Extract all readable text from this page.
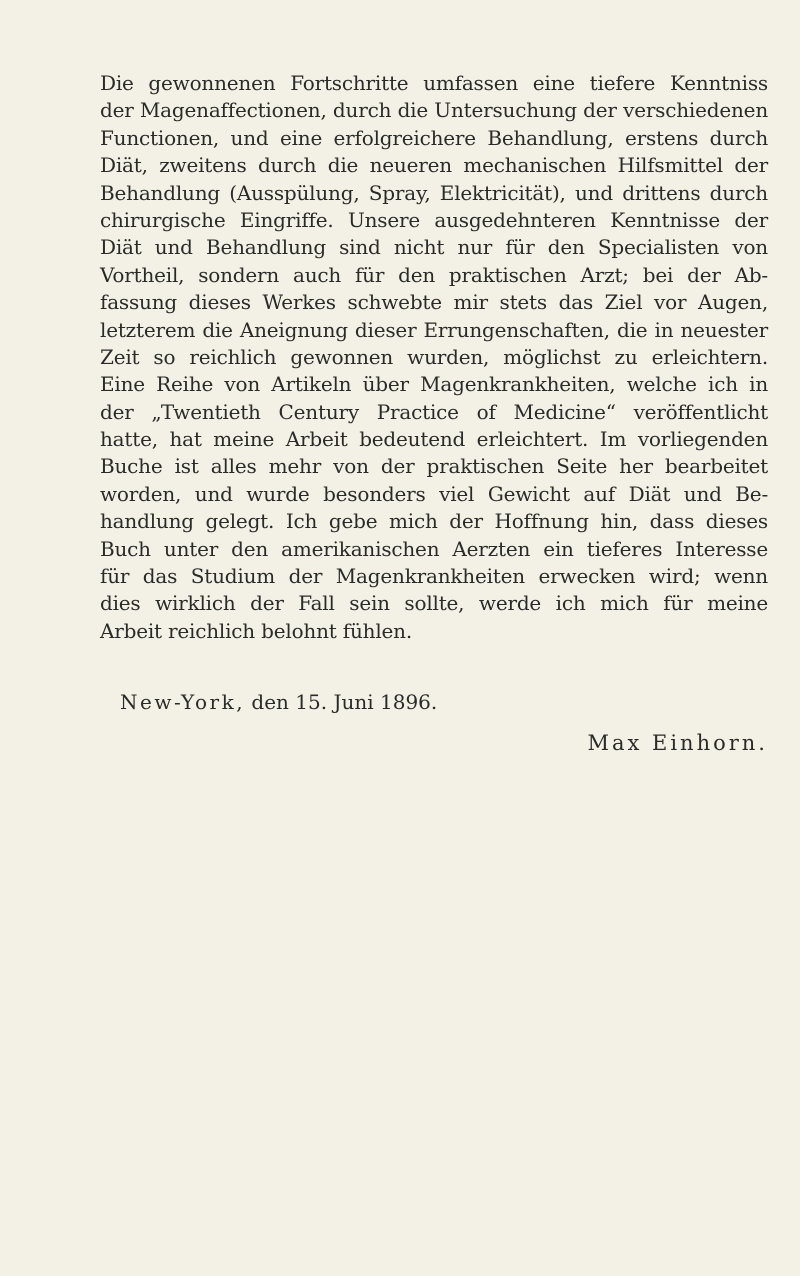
Die gewonnenen Fortschritte umfassen eine tiefere Kenntniss
der Magenaffectionen, durch die Untersuchung der verschiedenen
Functionen, und eine erfolgreichere Behandlung, erstens durch
Diät, zweitens durch die neueren mechanischen Hilfsmittel der
Behandlung (Ausspülung, Spray, Elektricität), und drittens durch
chirurgische Eingriffe. Unsere ausgedehnteren Kenntnisse der
Diät und Behandlung sind nicht nur für den Specialisten von
Vortheil, sondern auch für den praktischen Arzt; bei der Ab-
fassung dieses Werkes schwebte mir stets das Ziel vor Augen,
letzterem die Aneignung dieser Errungenschaften, die in neuester
Zeit so reichlich gewonnen wurden, möglichst zu erleichtern.
Eine Reihe von Artikeln über Magenkrankheiten, welche ich in
der „Twentieth Century Practice of Medicine“ veröffentlicht
hatte, hat meine Arbeit bedeutend erleichtert. Im vorliegenden
Buche ist alles mehr von der praktischen Seite her bearbeitet
worden, und wurde besonders viel Gewicht auf Diät und Be-
handlung gelegt. Ich gebe mich der Hoffnung hin, dass dieses
Buch unter den amerikanischen Aerzten ein tieferes Interesse
für das Studium der Magenkrankheiten erwecken wird; wenn
dies wirklich der Fall sein sollte, werde ich mich für meine
Arbeit reichlich belohnt fühlen.
New-York, den 15. Juni 1896.
Max Einhorn.
